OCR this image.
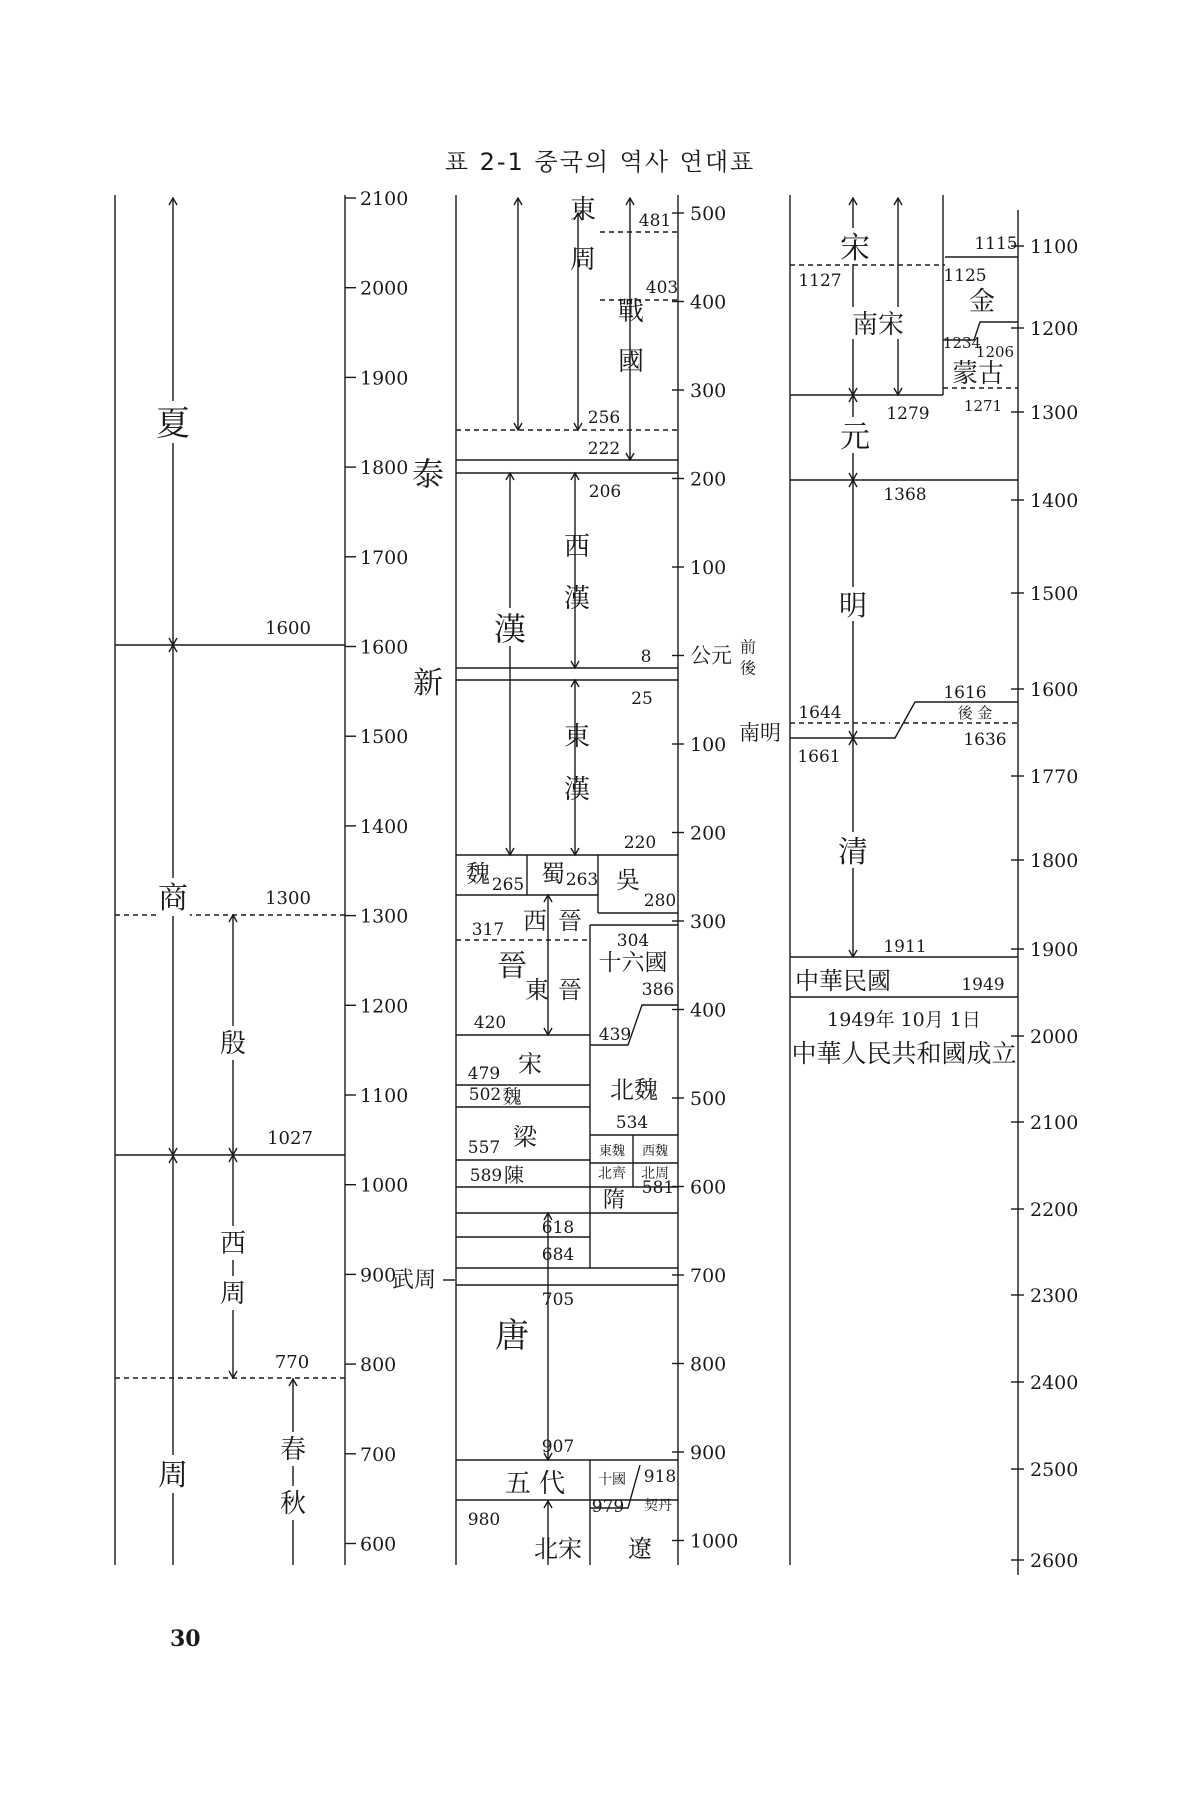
표 2-1 중국의 역사 연대표
2100
2000
1900
1800
1700
1600
1500
1400
1300
1200
1100
1000
900
800
700
600
1600
1300
1027
770
夏
商
殷
西
周
周
春
秋
泰
新
武周
500
400
300
200
100
公元 前
後
100
200
300
400
500
600
700
800
900
1000
南明
481
403
256
222
206
8
25
220
265 263
280
317
304
386
420
439
479
502
534
557
589
581
618
684
705
907
918
979
980
東
周
戰
國
西
漢
漢
東
漢
魏 蜀 吳
西 晉
晉
東 晉
十六國
宋
北魏
魏
梁
東魏 西魏
北齊 北周
陳
隋
唐
五 代 十國
契丹
北宋 遼
1100
1200
1300
1400
1500
1600
1770
1800
1900
2000
2100
2200
2300
2400
2500
2600
1115
1127	1125
1234
1206
1271
1279
1368
1616
1644
1636
1661
1911
1949
宋
南宋
金
蒙古
元
明
後 金
清
中華民國
1949年 10月 1日
中華人民共和國成立
30
